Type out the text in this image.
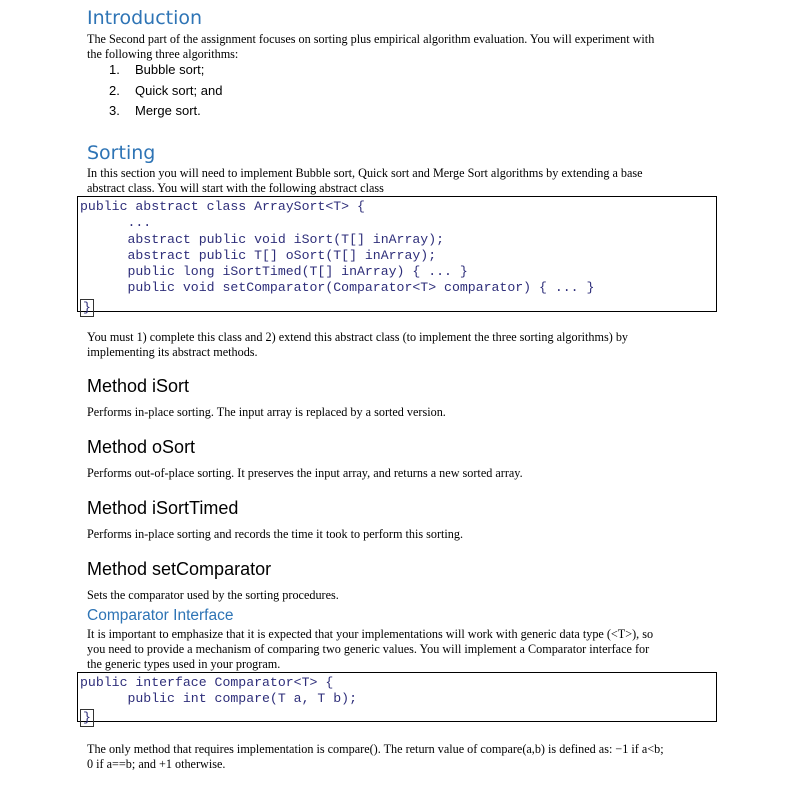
Introduction
The Second part of the assignment focuses on sorting plus empirical algorithm evaluation. You will experiment with
the following three algorithms:
1. Bubble sort;
2. Quick sort; and
3. Merge sort.
Sorting
In this section you will need to implement Bubble sort, Quick sort and Merge Sort algorithms by extending a base
abstract class. You will start with the following abstract class
public abstract class ArraySort<T> {
...
abstract public void iSort(T[] inArray);
abstract public T[] oSort(T[] inArray);
public long iSortTimed(T[] inArray) { ... }
public void setComparator(Comparator<T> comparator) { ... }
}
You must 1) complete this class and 2) extend this abstract class (to implement the three sorting algorithms) by
implementing its abstract methods.
Method iSort
Performs in-place sorting. The input array is replaced by a sorted version.
Method oSort
Performs out-of-place sorting. It preserves the input array, and returns a new sorted array.
Method iSortTimed
Performs in-place sorting and records the time it took to perform this sorting.
Method setComparator
Sets the comparator used by the sorting procedures.
Comparator Interface
It is important to emphasize that it is expected that your implementations will work with generic data type (<T>), so
you need to provide a mechanism of comparing two generic values. You will implement a Comparator interface for
the generic types used in your program.
public interface Comparator<T> {
public int compare(T a, T b);
}
The only method that requires implementation is compare(). The return value of compare(a,b) is defined as: −1 if a<b;
0 if a==b; and +1 otherwise.
